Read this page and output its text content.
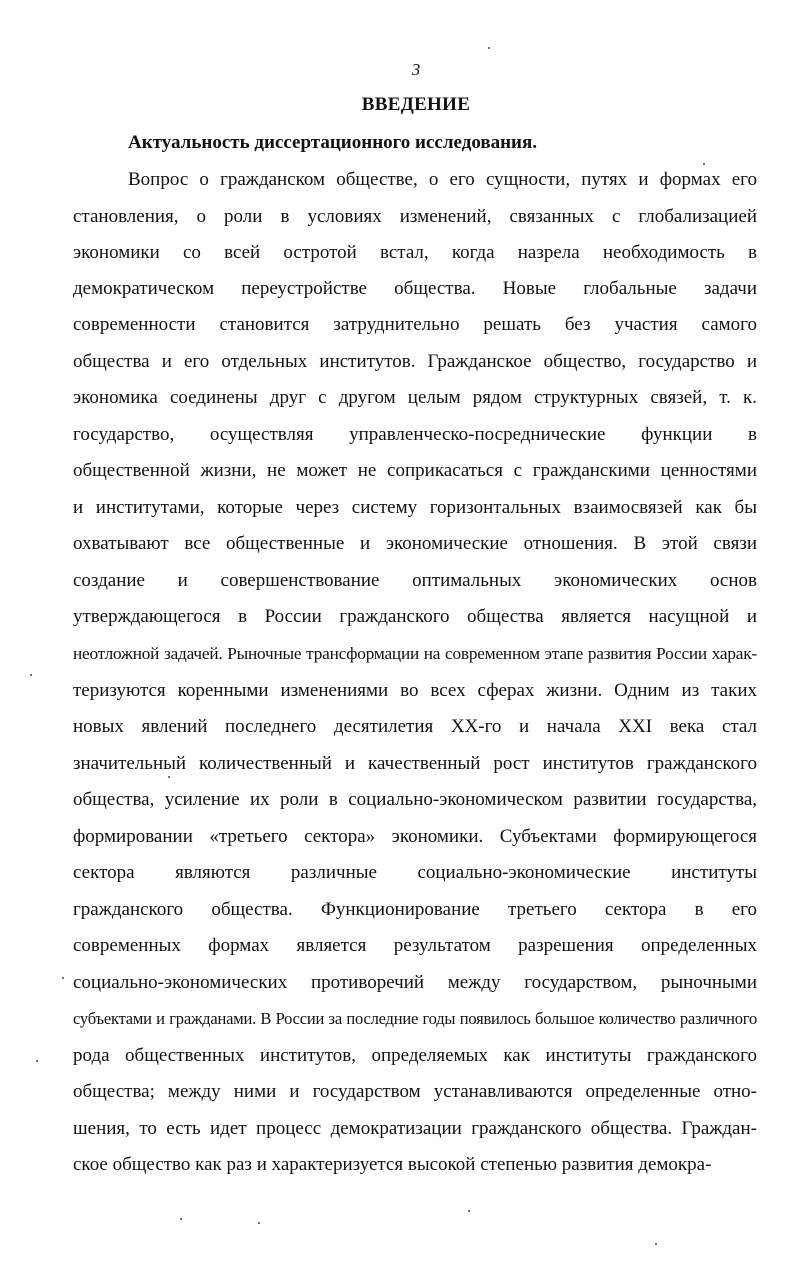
3
ВВЕДЕНИЕ
Актуальность диссертационного исследования.
Вопрос о гражданском обществе, о его сущности, путях и формах его
становления, о роли в условиях изменений, связанных с глобализацией
экономики со всей остротой встал, когда назрела необходимость в
демократическом переустройстве общества. Новые глобальные задачи
современности становится затруднительно решать без участия самого
общества и его отдельных институтов. Гражданское общество, государство и
экономика соединены друг с другом целым рядом структурных связей, т. к.
государство, осуществляя управленческо-посреднические функции в
общественной жизни, не может не соприкасаться с гражданскими ценностями
и институтами, которые через систему горизонтальных взаимосвязей как бы
охватывают все общественные и экономические отношения. В этой связи
создание и совершенствование оптимальных экономических основ
утверждающегося в России гражданского общества является насущной и
неотложной задачей. Рыночные трансформации на современном этапе развития России харак-
теризуются коренными изменениями во всех сферах жизни. Одним из таких
новых явлений последнего десятилетия XX-го и начала XXI века стал
значительный количественный и качественный рост институтов гражданского
общества, усиление их роли в социально-экономическом развитии государства,
формировании «третьего сектора» экономики. Субъектами формирующегося
сектора являются различные социально-экономические институты
гражданского общества. Функционирование третьего сектора в его
современных формах является результатом разрешения определенных
социально-экономических противоречий между государством, рыночными
субъектами и гражданами. В России за последние годы появилось большое количество различного
рода общественных институтов, определяемых как институты гражданского
общества; между ними и государством устанавливаются определенные отно-
шения, то есть идет процесс демократизации гражданского общества. Граждан-
ское общество как раз и характеризуется высокой степенью развития демокра-
